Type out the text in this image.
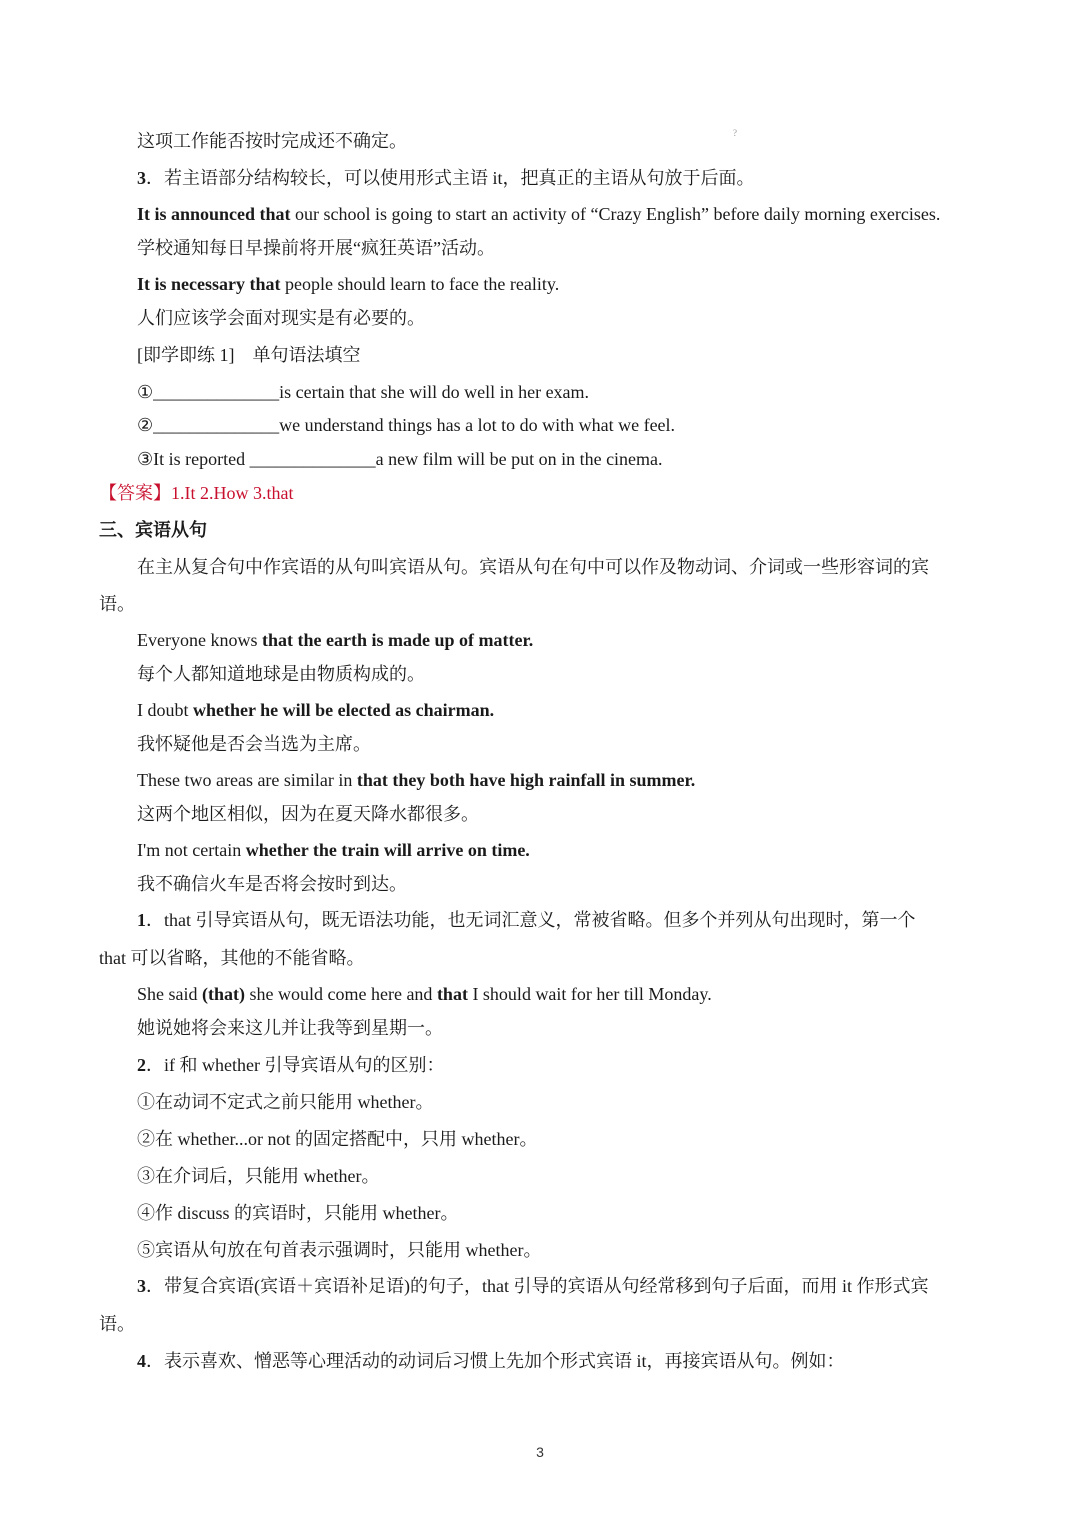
这项工作能否按时完成还不确定。	?
3．若主语部分结构较长，可以使用形式主语 it，把真正的主语从句放于后面。
It is announced that our school is going to start an activity of “Crazy English” before daily morning exercises.
学校通知每日早操前将开展“疯狂英语”活动。
It is necessary that people should learn to face the reality.
人们应该学会面对现实是有必要的。
[即学即练 1]　单句语法填空
①______________is certain that she will do well in her exam.
②______________we understand things has a lot to do with what we feel.
③It is reported ______________a new film will be put on in the cinema.
【答案】1.It 2.How 3.that
三、宾语从句
在主从复合句中作宾语的从句叫宾语从句。宾语从句在句中可以作及物动词、介词或一些形容词的宾
语。
Everyone knows that the earth is made up of matter.
每个人都知道地球是由物质构成的。
I doubt whether he will be elected as chairman.
我怀疑他是否会当选为主席。
These two areas are similar in that they both have high rainfall in summer.
这两个地区相似，因为在夏天降水都很多。
I'm not certain whether the train will arrive on time.
我不确信火车是否将会按时到达。
1．that 引导宾语从句，既无语法功能，也无词汇意义，常被省略。但多个并列从句出现时，第一个
that 可以省略，其他的不能省略。
She said (that) she would come here and that I should wait for her till Monday.
她说她将会来这儿并让我等到星期一。
2．if 和 whether 引导宾语从句的区别：
①在动词不定式之前只能用 whether。
②在 whether...or not 的固定搭配中，只用 whether。
③在介词后，只能用 whether。
④作 discuss 的宾语时，只能用 whether。
⑤宾语从句放在句首表示强调时，只能用 whether。
3．带复合宾语(宾语＋宾语补足语)的句子，that 引导的宾语从句经常移到句子后面，而用 it 作形式宾
语。
4．表示喜欢、憎恶等心理活动的动词后习惯上先加个形式宾语 it，再接宾语从句。例如：
3
